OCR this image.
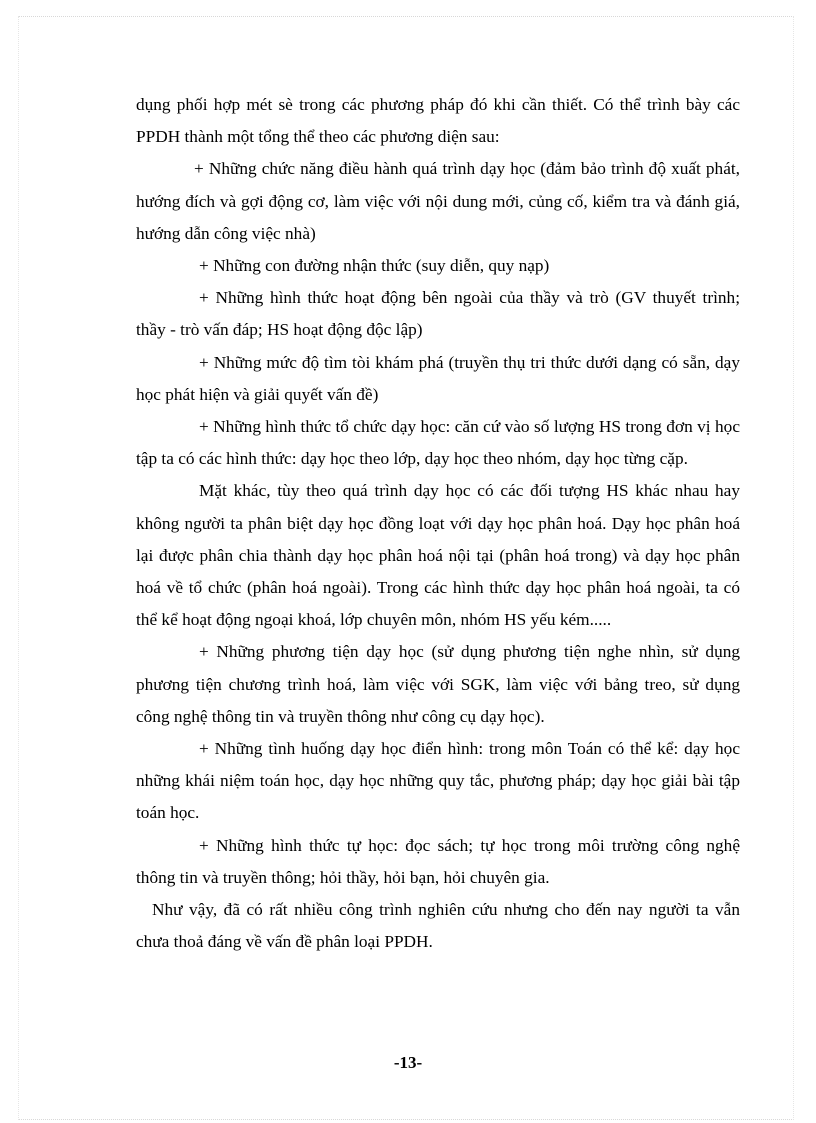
dụng phối hợp mét sè trong các phương pháp đó khi cần thiết. Có thể trình bày các PPDH thành một tổng thể theo các phương diện sau:

+ Những chức năng điều hành quá trình dạy học (đảm bảo trình độ xuất phát, hướng đích và gợi động cơ, làm việc với nội dung mới, củng cố, kiểm tra và đánh giá, hướng dẫn công việc nhà)

+ Những con đường nhận thức (suy diễn, quy nạp)

+ Những hình thức hoạt động bên ngoài của thầy và trò (GV thuyết trình; thầy - trò vấn đáp; HS hoạt động độc lập)

+ Những mức độ tìm tòi khám phá (truyền thụ tri thức dưới dạng có sẵn, dạy học phát hiện và giải quyết vấn đề)

+ Những hình thức tổ chức dạy học: căn cứ vào số lượng HS trong đơn vị học tập ta có các hình thức: dạy học theo lớp, dạy học theo nhóm, dạy học từng cặp.

Mặt khác, tùy theo quá trình dạy học có các đối tượng HS khác nhau hay không người ta phân biệt dạy học đồng loạt với dạy học phân hoá. Dạy học phân hoá lại được phân chia thành dạy học phân hoá nội tại (phân hoá trong) và dạy học phân hoá về tổ chức (phân hoá ngoài). Trong các hình thức dạy học phân hoá ngoài, ta có thể kể hoạt động ngoại khoá, lớp chuyên môn, nhóm HS yếu kém.....

+ Những phương tiện dạy học (sử dụng phương tiện nghe nhìn, sử dụng phương tiện chương trình hoá, làm việc với SGK, làm việc với bảng treo, sử dụng công nghệ thông tin và truyền thông như công cụ dạy học).

+ Những tình huống dạy học điển hình: trong môn Toán có thể kể: dạy học những khái niệm toán học, dạy học những quy tắc, phương pháp; dạy học giải bài tập toán học.

+ Những hình thức tự học: đọc sách; tự học trong môi trường công nghệ thông tin và truyền thông; hỏi thầy, hỏi bạn, hỏi chuyên gia.

Như vậy, đã có rất nhiều công trình nghiên cứu nhưng cho đến nay người ta vẫn chưa thoả đáng về vấn đề phân loại PPDH.

-13-
